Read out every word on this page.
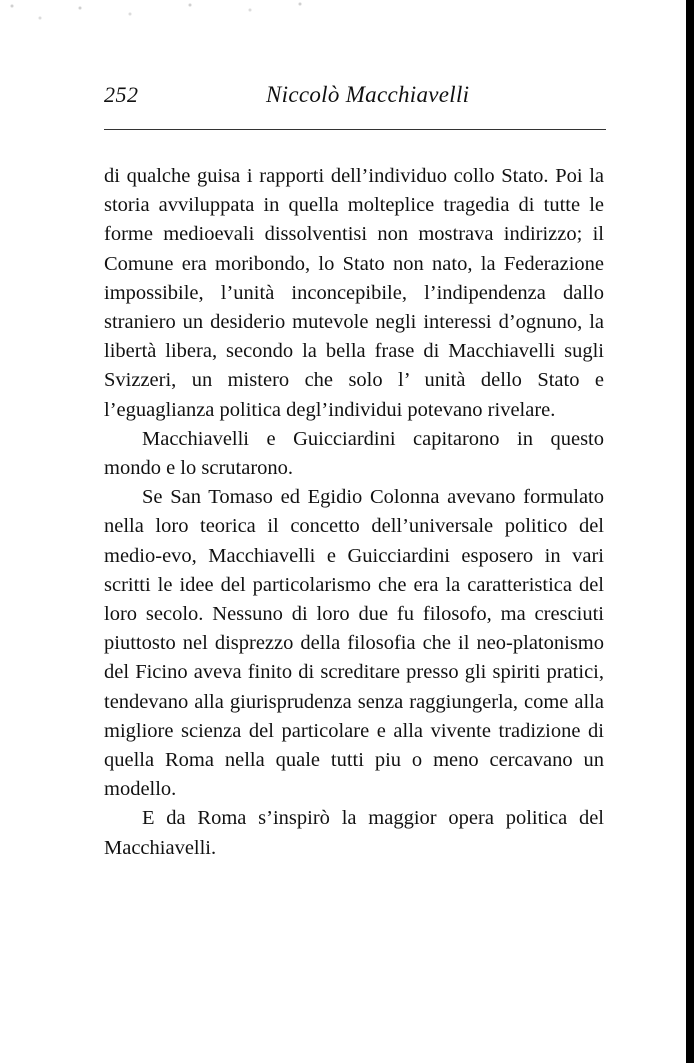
252	Niccolò Macchiavelli

di qualche guisa i rapporti dell’individuo collo Stato. Poi la storia avviluppata in quella molteplice tragedia di tutte le forme medioevali dissolventisi non mostrava indirizzo; il Comune era moribondo, lo Stato non nato, la Federazione impossibile, l’unità inconcepibile, l’indipendenza dallo straniero un desiderio mutevole negli interessi d’ognuno, la libertà libera, secondo la bella frase di Macchiavelli sugli Svizzeri, un mistero che solo l’ unità dello Stato e l’eguaglianza politica degl’individui potevano rivelare.

Macchiavelli e Guicciardini capitarono in questo mondo e lo scrutarono.

Se San Tomaso ed Egidio Colonna avevano formulato nella loro teorica il concetto dell’universale politico del medio-evo, Macchiavelli e Guicciardini esposero in vari scritti le idee del particolarismo che era la caratteristica del loro secolo. Nessuno di loro due fu filosofo, ma cresciuti piuttosto nel disprezzo della filosofia che il neo-platonismo del Ficino aveva finito di screditare presso gli spiriti pratici, tendevano alla giurisprudenza senza raggiungerla, come alla migliore scienza del particolare e alla vivente tradizione di quella Roma nella quale tutti piu o meno cercavano un modello.

E da Roma s’inspirò la maggior opera politica del Macchiavelli.
